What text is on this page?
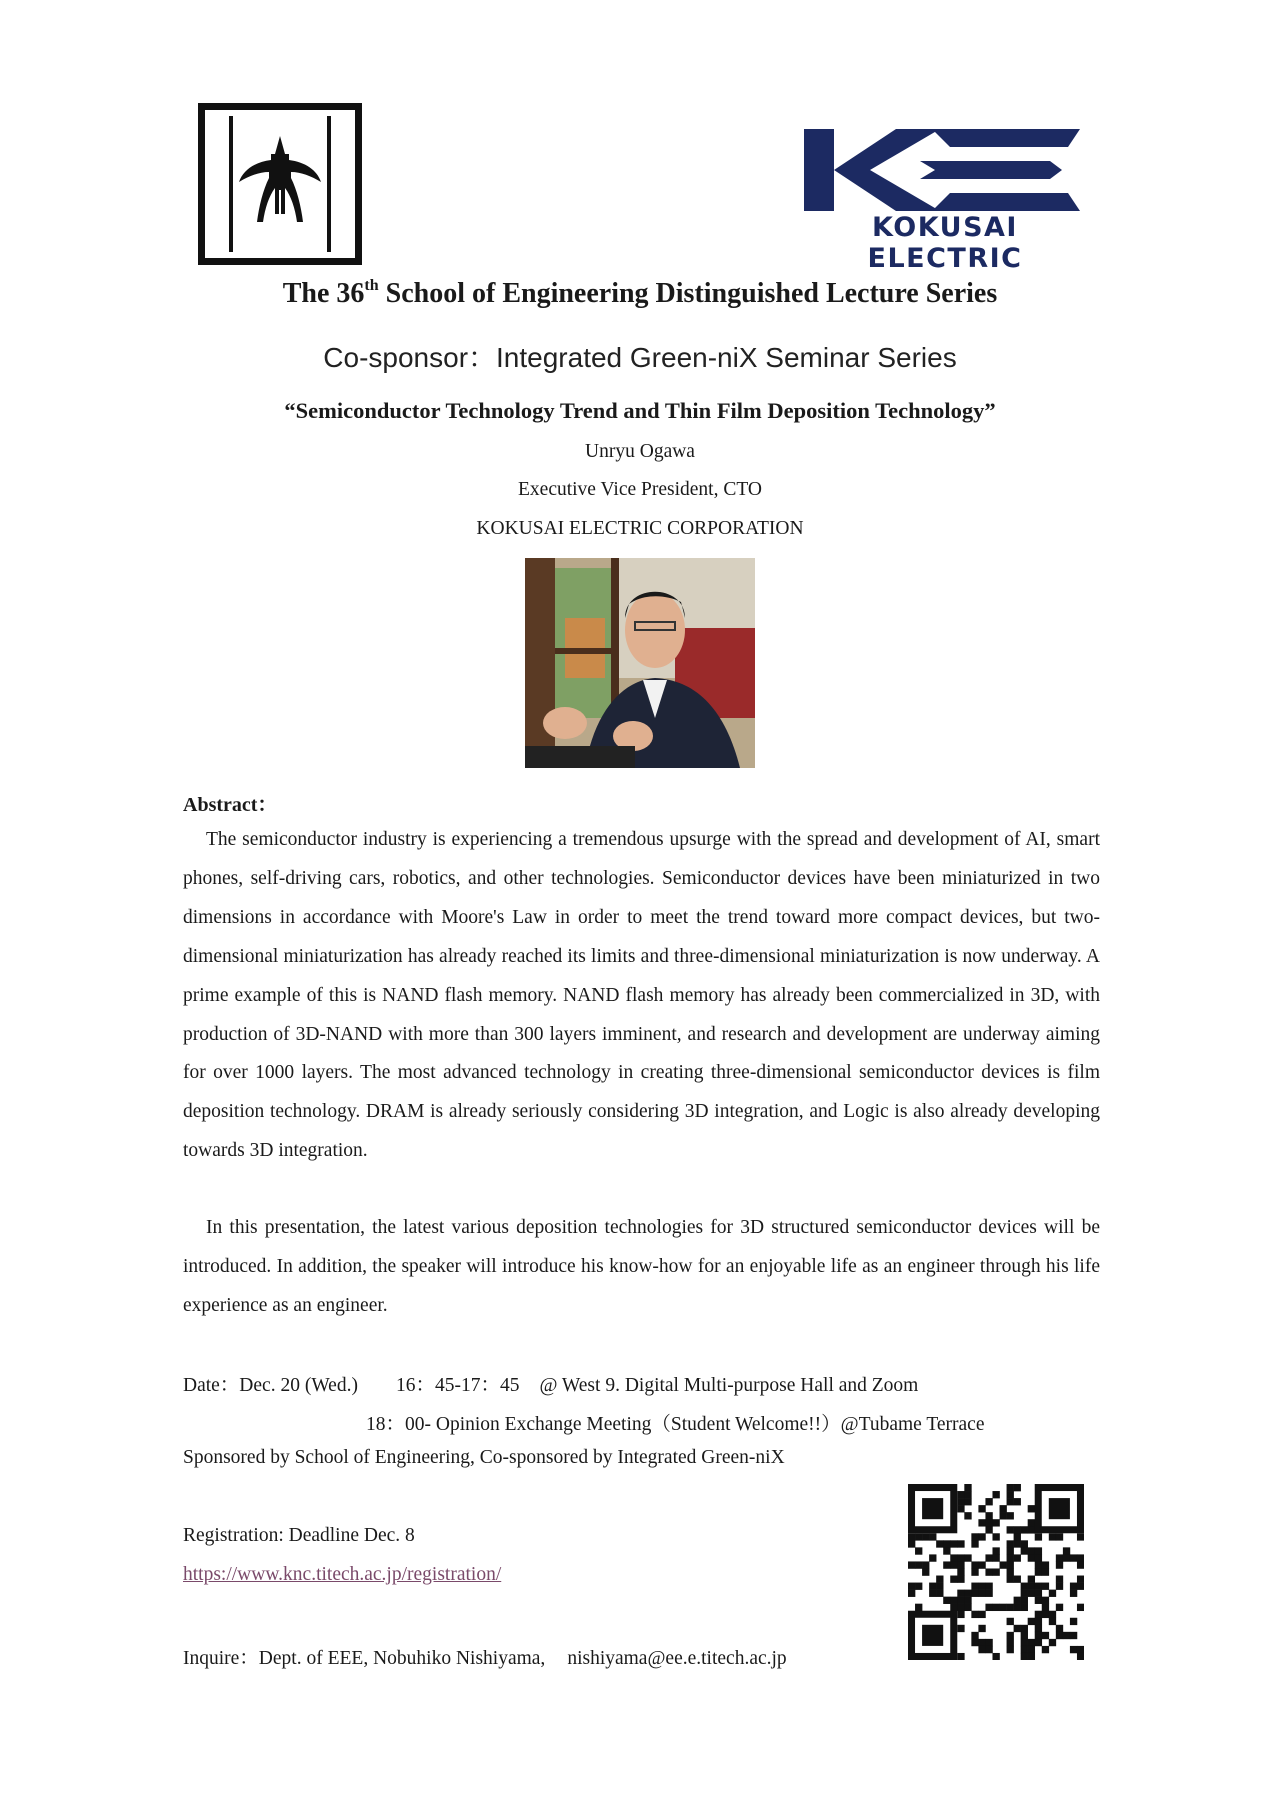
KOKUSAI ELECTRIC
The 36th School of Engineering Distinguished Lecture Series
Co-sponsor：Integrated Green-niX Seminar Series
“Semiconductor Technology Trend and Thin Film Deposition Technology”
Unryu Ogawa
Executive Vice President, CTO
KOKUSAI ELECTRIC CORPORATION
Abstract：

The semiconductor industry is experiencing a tremendous upsurge with the spread and development of AI, smart phones, self-driving cars, robotics, and other technologies. Semiconductor devices have been miniaturized in two dimensions in accordance with Moore's Law in order to meet the trend toward more compact devices, but two-dimensional miniaturization has already reached its limits and three-dimensional miniaturization is now underway. A prime example of this is NAND flash memory. NAND flash memory has already been commercialized in 3D, with production of 3D-NAND with more than 300 layers imminent, and research and development are underway aiming for over 1000 layers. The most advanced technology in creating three-dimensional semiconductor devices is film deposition technology. DRAM is already seriously considering 3D integration, and Logic is also already developing towards 3D integration.

In this presentation, the latest various deposition technologies for 3D structured semiconductor devices will be introduced. In addition, the speaker will introduce his know-how for an enjoyable life as an engineer through his life experience as an engineer.

Date：Dec. 20 (Wed.) 16：45-17：45 @ West 9. Digital Multi-purpose Hall and Zoom
18：00- Opinion Exchange Meeting（Student Welcome!!）@Tubame Terrace
Sponsored by School of Engineering, Co-sponsored by Integrated Green-niX
Registration: Deadline Dec. 8
https://www.knc.titech.ac.jp/registration/
Inquire：Dept. of EEE, Nobuhiko Nishiyama, nishiyama@ee.e.titech.ac.jp
